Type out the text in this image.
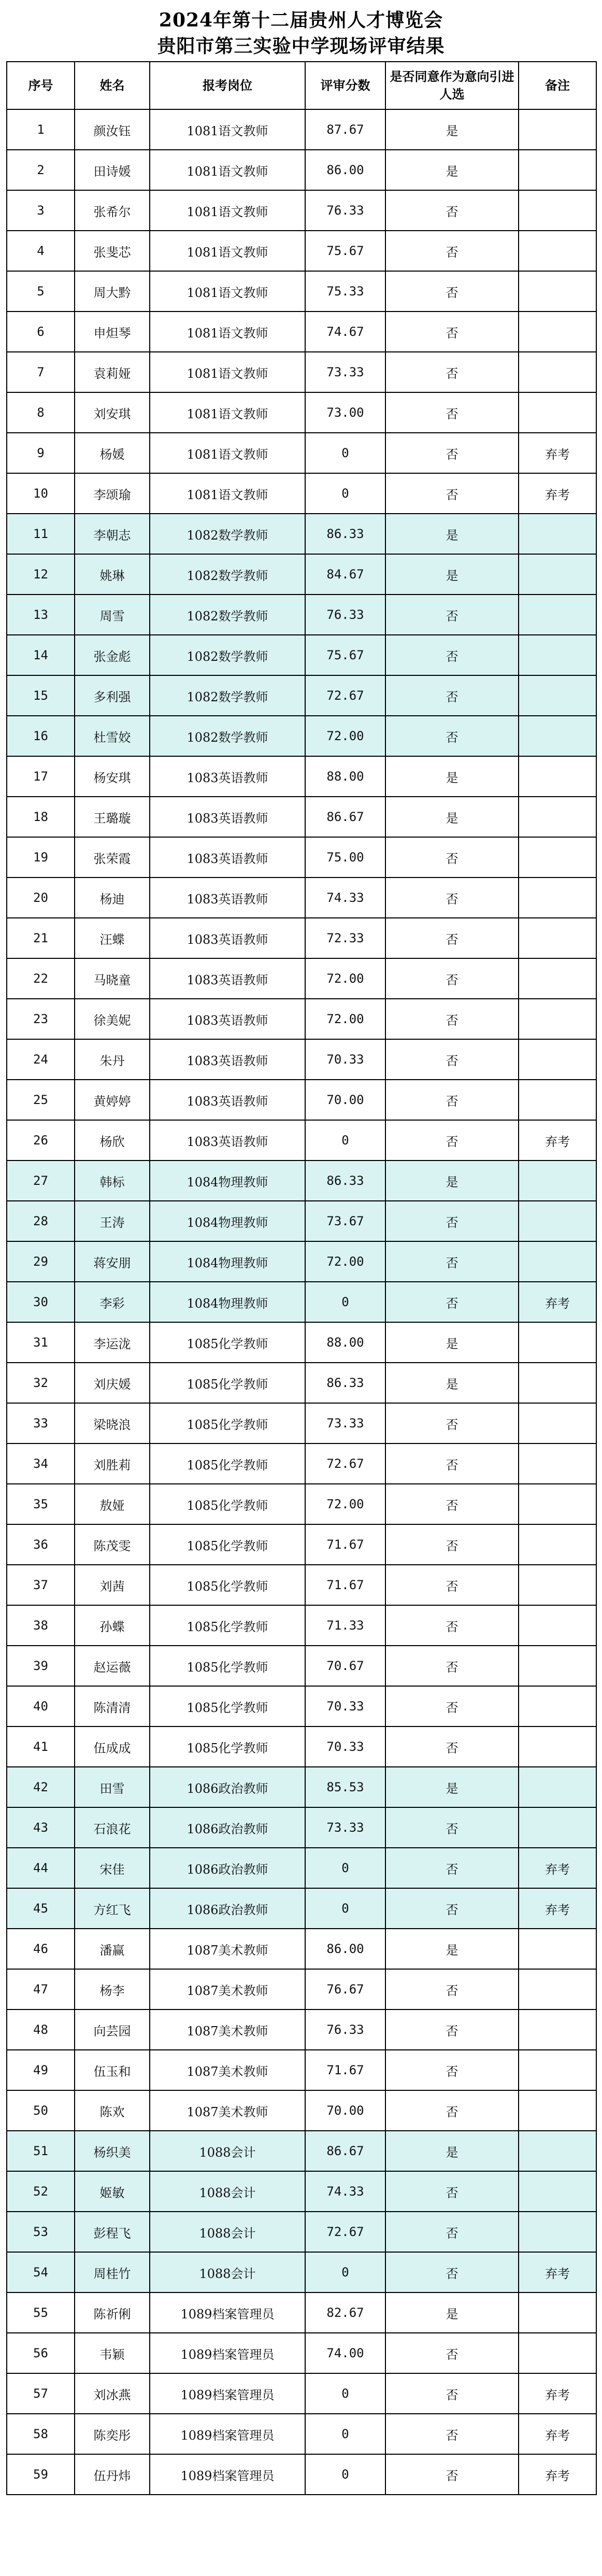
2024年第十二届贵州人才博览会
贵阳市第三实验中学现场评审结果
序号	姓名	报考岗位	评审分数	是否同意作为意向引进人选	备注
1	颜汝钰	1081语文教师	87.67	是	
2	田诗媛	1081语文教师	86.00	是	
3	张希尔	1081语文教师	76.33	否	
4	张斐芯	1081语文教师	75.67	否	
5	周大黔	1081语文教师	75.33	否	
6	申炟琴	1081语文教师	74.67	否	
7	袁莉娅	1081语文教师	73.33	否	
8	刘安琪	1081语文教师	73.00	否	
9	杨媛	1081语文教师	0	否	弃考
10	李颂瑜	1081语文教师	0	否	弃考
11	李朝志	1082数学教师	86.33	是	
12	姚琳	1082数学教师	84.67	是	
13	周雪	1082数学教师	76.33	否	
14	张金彪	1082数学教师	75.67	否	
15	多利强	1082数学教师	72.67	否	
16	杜雪姣	1082数学教师	72.00	否	
17	杨安琪	1083英语教师	88.00	是	
18	王璐璇	1083英语教师	86.67	是	
19	张荣霞	1083英语教师	75.00	否	
20	杨迪	1083英语教师	74.33	否	
21	汪蝶	1083英语教师	72.33	否	
22	马晓童	1083英语教师	72.00	否	
23	徐美妮	1083英语教师	72.00	否	
24	朱丹	1083英语教师	70.33	否	
25	黄婷婷	1083英语教师	70.00	否	
26	杨欣	1083英语教师	0	否	弃考
27	韩标	1084物理教师	86.33	是	
28	王涛	1084物理教师	73.67	否	
29	蒋安朋	1084物理教师	72.00	否	
30	李彩	1084物理教师	0	否	弃考
31	李运泷	1085化学教师	88.00	是	
32	刘庆媛	1085化学教师	86.33	是	
33	梁晓浪	1085化学教师	73.33	否	
34	刘胜莉	1085化学教师	72.67	否	
35	敖娅	1085化学教师	72.00	否	
36	陈茂雯	1085化学教师	71.67	否	
37	刘茜	1085化学教师	71.67	否	
38	孙蝶	1085化学教师	71.33	否	
39	赵运薇	1085化学教师	70.67	否	
40	陈清清	1085化学教师	70.33	否	
41	伍成成	1085化学教师	70.33	否	
42	田雪	1086政治教师	85.53	是	
43	石浪花	1086政治教师	73.33	否	
44	宋佳	1086政治教师	0	否	弃考
45	方红飞	1086政治教师	0	否	弃考
46	潘赢	1087美术教师	86.00	是	
47	杨李	1087美术教师	76.67	否	
48	向芸园	1087美术教师	76.33	否	
49	伍玉和	1087美术教师	71.67	否	
50	陈欢	1087美术教师	70.00	否	
51	杨织美	1088会计	86.67	是	
52	姬敏	1088会计	74.33	否	
53	彭程飞	1088会计	72.67	否	
54	周桂竹	1088会计	0	否	弃考
55	陈祈俐	1089档案管理员	82.67	是	
56	韦颖	1089档案管理员	74.00	否	
57	刘冰燕	1089档案管理员	0	否	弃考
58	陈奕彤	1089档案管理员	0	否	弃考
59	伍丹炜	1089档案管理员	0	否	弃考
